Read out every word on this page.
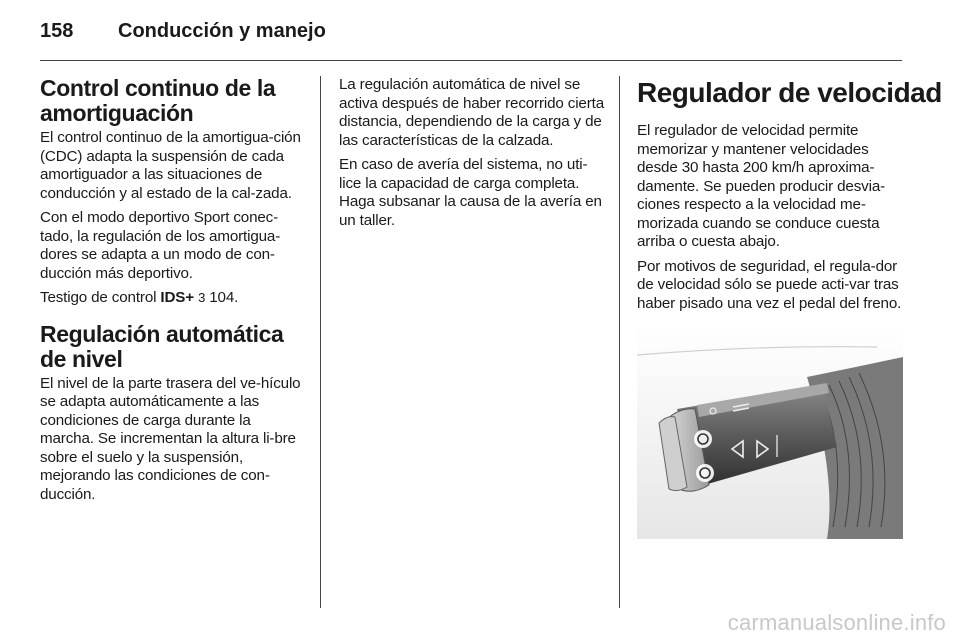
158 Conducción y manejo
Control continuo de la amortiguación

El control continuo de la amortigua-ción (CDC) adapta la suspensión de cada amortiguador a las situaciones de conducción y al estado de la cal-zada.

Con el modo deportivo Sport conec-tado, la regulación de los amortigua-dores se adapta a un modo de con-ducción más deportivo.

Testigo de control IDS+ 3 104.

Regulación automática de nivel

El nivel de la parte trasera del ve-hículo se adapta automáticamente a las condiciones de carga durante la marcha. Se incrementan la altura li-bre sobre el suelo y la suspensión, mejorando las condiciones de con-ducción.

La regulación automática de nivel se activa después de haber recorrido cierta distancia, dependiendo de la carga y de las características de la calzada.

En caso de avería del sistema, no uti-lice la capacidad de carga completa. Haga subsanar la causa de la avería en un taller.

Regulador de velocidad

El regulador de velocidad permite memorizar y mantener velocidades desde 30 hasta 200 km/h aproxima-damente. Se pueden producir desvia-ciones respecto a la velocidad me-morizada cuando se conduce cuesta arriba o cuesta abajo.

Por motivos de seguridad, el regula-dor de velocidad sólo se puede acti-var tras haber pisado una vez el pedal del freno.

carmanualsonline.info
